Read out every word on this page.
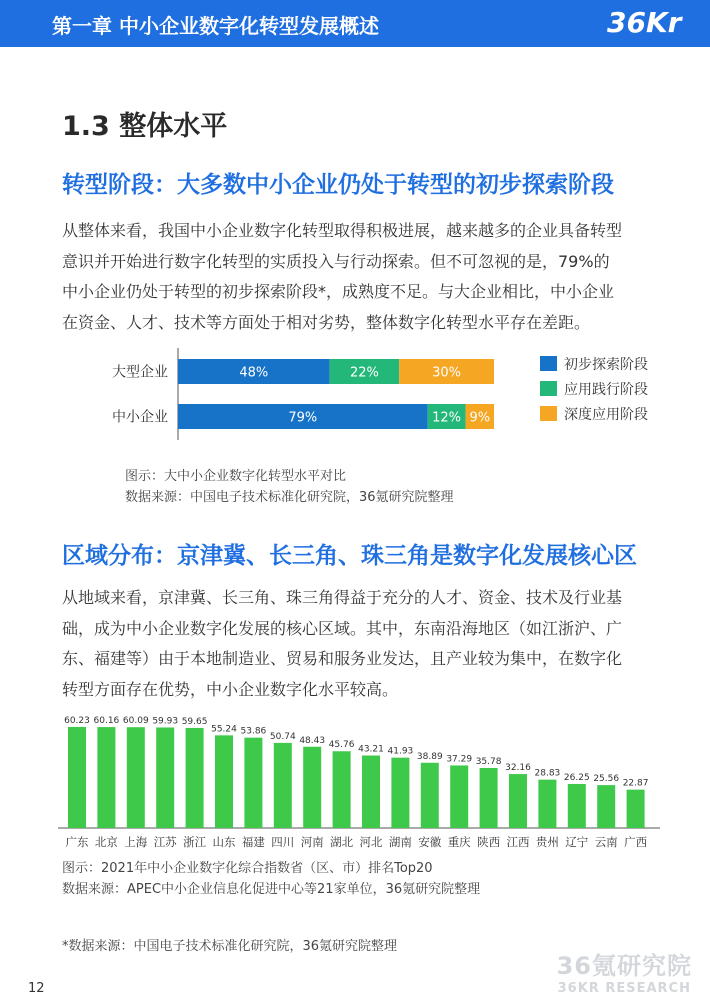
第一章 中小企业数字化转型发展概述	36Kr
1.3 整体水平
转型阶段：大多数中小企业仍处于转型的初步探索阶段

从整体来看，我国中小企业数字化转型取得积极进展，越来越多的企业具备转型

意识并开始进行数字化转型的实质投入与行动探索。但不可忽视的是，79%的

中小企业仍处于转型的初步探索阶段*，成熟度不足。与大企业相比，中小企业

在资金、人才、技术等方面处于相对劣势，整体数字化转型水平存在差距。

大型企业	48%	22%	30%
中小企业	79%	12% 9%
初步探索阶段
应用践行阶段
深度应用阶段
图示：大中小企业数字化转型水平对比
数据来源：中国电子技术标准化研究院，36氪研究院整理
区域分布：京津冀、长三角、珠三角是数字化发展核心区

从地域来看，京津冀、长三角、珠三角得益于充分的人才、资金、技术及行业基

础，成为中小企业数字化发展的核心区域。其中，东南沿海地区（如江浙沪、广

东、福建等）由于本地制造业、贸易和服务业发达，且产业较为集中，在数字化

转型方面存在优势，中小企业数字化水平较高。

60.23
广东
60.16
北京
60.09
上海
59.93
江苏
59.65
浙江
55.24
山东
53.86
福建
50.74
四川
48.43
河南
45.76
湖北
43.21
河北
41.93
湖南
38.89
安徽
37.29
重庆
35.78
陕西
32.16
江西
28.83
贵州
26.25
辽宁
25.56
云南
22.87
广西
图示：2021年中小企业数字化综合指数省（区、市）排名Top20
数据来源：APEC中小企业信息化促进中心等21家单位，36氪研究院整理
*数据来源：中国电子技术标准化研究院，36氪研究院整理
36氪研究院
36KR RESEARCH
12
